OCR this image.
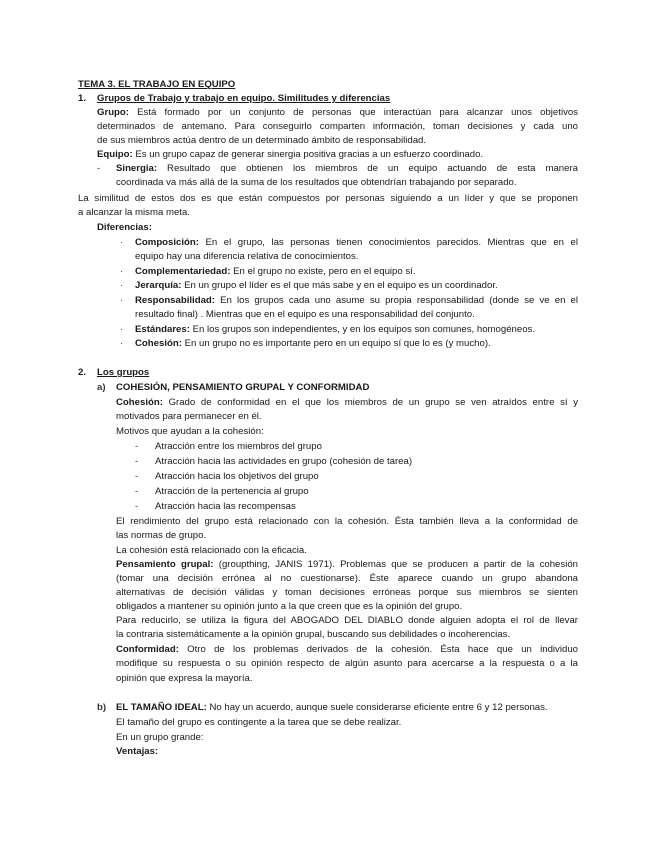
TEMA 3. EL TRABAJO EN EQUIPO
1. Grupos de Trabajo y trabajo en equipo. Similitudes y diferencias
Grupo: Está formado por un conjunto de personas que interactúan para alcanzar unos objetivos
determinados de antemano. Para conseguirlo comparten información, toman decisiones y cada uno
de sus miembros actúa dentro de un determinado ámbito de responsabilidad.
Equipo: Es un grupo capaz de generar sinergia positiva gracias a un esfuerzo coordinado.
- Sinergia: Resultado que obtienen los miembros de un equipo actuando de esta manera
coordinada va más allá de la suma de los resultados que obtendrían trabajando por separado.
La similitud de estos dos es que están compuestos por personas siguiendo a un líder y que se proponen
a alcanzar la misma meta.
Diferencias:
· Composición: En el grupo, las personas tienen conocimientos parecidos. Mientras que en el
equipo hay una diferencia relativa de conocimientos.
· Complementariedad: En el grupo no existe, pero en el equipo sí.
· Jerarquía: En un grupo el líder es el que más sabe y en el equipo es un coordinador.
· Responsabilidad: En los grupos cada uno asume su propia responsabilidad (donde se ve en el
resultado final) . Mientras que en el equipo es una responsabilidad del conjunto.
· Estándares: En los grupos son independientes, y en los equipos son comunes, homogéneos.
· Cohesión: En un grupo no es importante pero en un equipo sí que lo es (y mucho).
2. Los grupos
a) COHESIÓN, PENSAMIENTO GRUPAL Y CONFORMIDAD
Cohesión: Grado de conformidad en el que los miembros de un grupo se ven atraídos entre sí y
motivados para permanecer en él.
Motivos que ayudan a la cohesión:
- Atracción entre los miembros del grupo
- Atracción hacia las actividades en grupo (cohesión de tarea)
- Atracción hacia los objetivos del grupo
- Atracción de la pertenencia al grupo
- Atracción hacia las recompensas
El rendimiento del grupo está relacionado con la cohesión. Ésta también lleva a la conformidad de
las normas de grupo.
La cohesión está relacionado con la eficacia.
Pensamiento grupal: (groupthing, JANIS 1971). Problemas que se producen a partir de la cohesión
(tomar una decisión errónea al no cuestionarse). Éste aparece cuando un grupo abandona
alternativas de decisión válidas y toman decisiones erróneas porque sus miembros se sienten
obligados a mantener su opinión junto a la que creen que es la opinión del grupo.
Para reducirlo, se utiliza la figura del ABOGADO DEL DIABLO donde alguien adopta el rol de llevar
la contraria sistemáticamente a la opinión grupal, buscando sus debilidades o incoherencias.
Conformidad: Otro de los problemas derivados de la cohesión. Ésta hace que un individuo
modifique su respuesta o su opinión respecto de algún asunto para acercarse a la respuesta o a la
opinión que expresa la mayoría.
b) EL TAMAÑO IDEAL: No hay un acuerdo, aunque suele considerarse eficiente entre 6 y 12 personas.
El tamaño del grupo es contingente a la tarea que se debe realizar.
En un grupo grande:
Ventajas:
